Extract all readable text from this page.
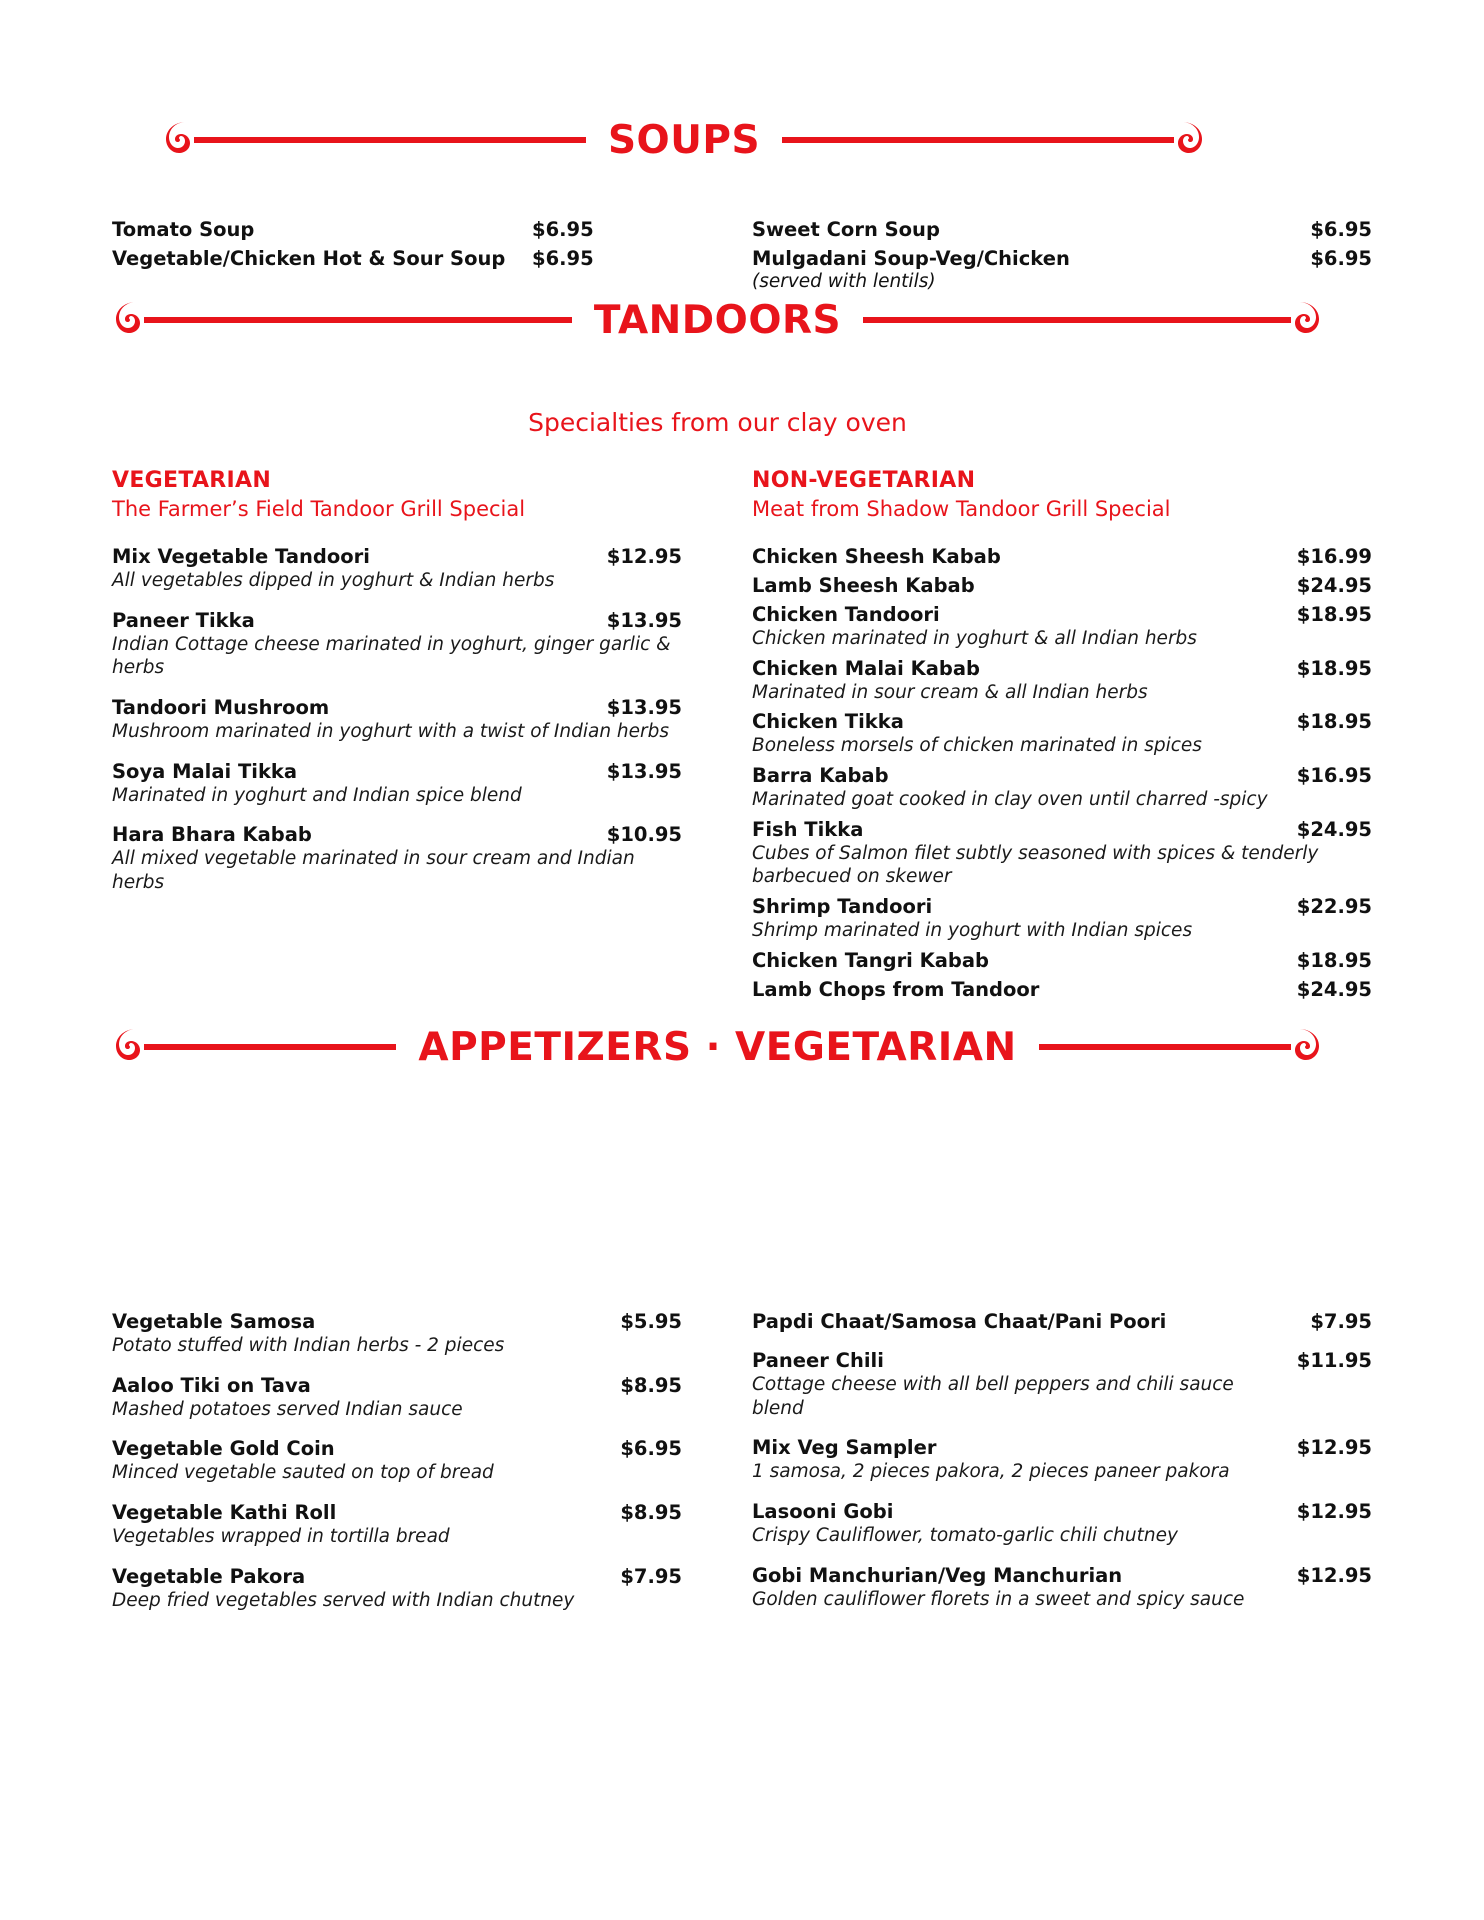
SOUPS
Tomato Soup	$6.95
Vegetable/Chicken Hot & Sour Soup	$6.95
Sweet Corn Soup	$6.95
Mulgadani Soup-Veg/Chicken	$6.95
(served with lentils)
TANDOORS
Specialties from our clay oven
VEGETARIAN
The Farmer’s Field Tandoor Grill Special
Mix Vegetable Tandoori	$12.95
All vegetables dipped in yoghurt & Indian herbs
Paneer Tikka	$13.95
Indian Cottage cheese marinated in yoghurt, ginger garlic & herbs
Tandoori Mushroom	$13.95
Mushroom marinated in yoghurt with a twist of Indian herbs
Soya Malai Tikka	$13.95
Marinated in yoghurt and Indian spice blend
Hara Bhara Kabab	$10.95
All mixed vegetable marinated in sour cream and Indian herbs
NON-VEGETARIAN
Meat from Shadow Tandoor Grill Special
Chicken Sheesh Kabab	$16.99
Lamb Sheesh Kabab	$24.95
Chicken Tandoori	$18.95
Chicken marinated in yoghurt & all Indian herbs
Chicken Malai Kabab	$18.95
Marinated in sour cream & all Indian herbs
Chicken Tikka	$18.95
Boneless morsels of chicken marinated in spices
Barra Kabab	$16.95
Marinated goat cooked in clay oven until charred -spicy
Fish Tikka	$24.95
Cubes of Salmon filet subtly seasoned with spices & tenderly barbecued on skewer
Shrimp Tandoori	$22.95
Shrimp marinated in yoghurt with Indian spices
Chicken Tangri Kabab	$18.95
Lamb Chops from Tandoor	$24.95
APPETIZERS · VEGETARIAN
Vegetable Samosa	$5.95
Potato stuffed with Indian herbs - 2 pieces
Aaloo Tiki on Tava	$8.95
Mashed potatoes served Indian sauce
Vegetable Gold Coin	$6.95
Minced vegetable sauted on top of bread
Vegetable Kathi Roll	$8.95
Vegetables wrapped in tortilla bread
Vegetable Pakora	$7.95
Deep fried vegetables served with Indian chutney
Papdi Chaat/Samosa Chaat/Pani Poori	$7.95
Paneer Chili	$11.95
Cottage cheese with all bell peppers and chili sauce blend
Mix Veg Sampler	$12.95
1 samosa, 2 pieces pakora, 2 pieces paneer pakora
Lasooni Gobi	$12.95
Crispy Cauliflower, tomato-garlic chili chutney
Gobi Manchurian/Veg Manchurian	$12.95
Golden cauliflower florets in a sweet and spicy sauce
